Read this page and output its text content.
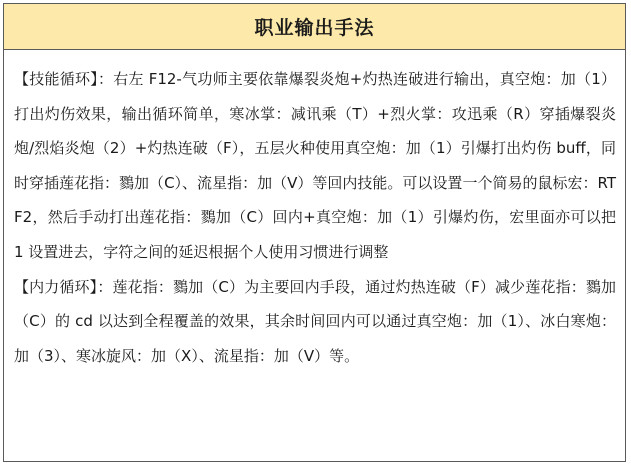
职业输出手法

【技能循环】：右左 F12-气功师主要依靠爆裂炎炮+灼热连破进行输出，真空炮：加（1）打出灼伤效果，输出循环简单，寒冰掌：减讯乘（T）+烈火掌：攻迅乘（R）穿插爆裂炎炮/烈焰炎炮（2）+灼热连破（F），五层火种使用真空炮：加（1）引爆打出灼伤 buff，同时穿插莲花指：鷚加（C）、流星指：加（V）等回内技能。可以设置一个简易的鼠标宏：RTF2，然后手动打出莲花指：鷚加（C）回内+真空炮：加（1）引爆灼伤，宏里面亦可以把 1 设置进去，字符之间的延迟根据个人使用习惯进行调整

【内力循环】：莲花指：鷚加（C）为主要回内手段，通过灼热连破（F）减少莲花指：鷚加（C）的 cd 以达到全程覆盖的效果，其余时间回内可以通过真空炮：加（1）、冰白寒炮：加（3）、寒冰旋风：加（X）、流星指：加（V）等。
